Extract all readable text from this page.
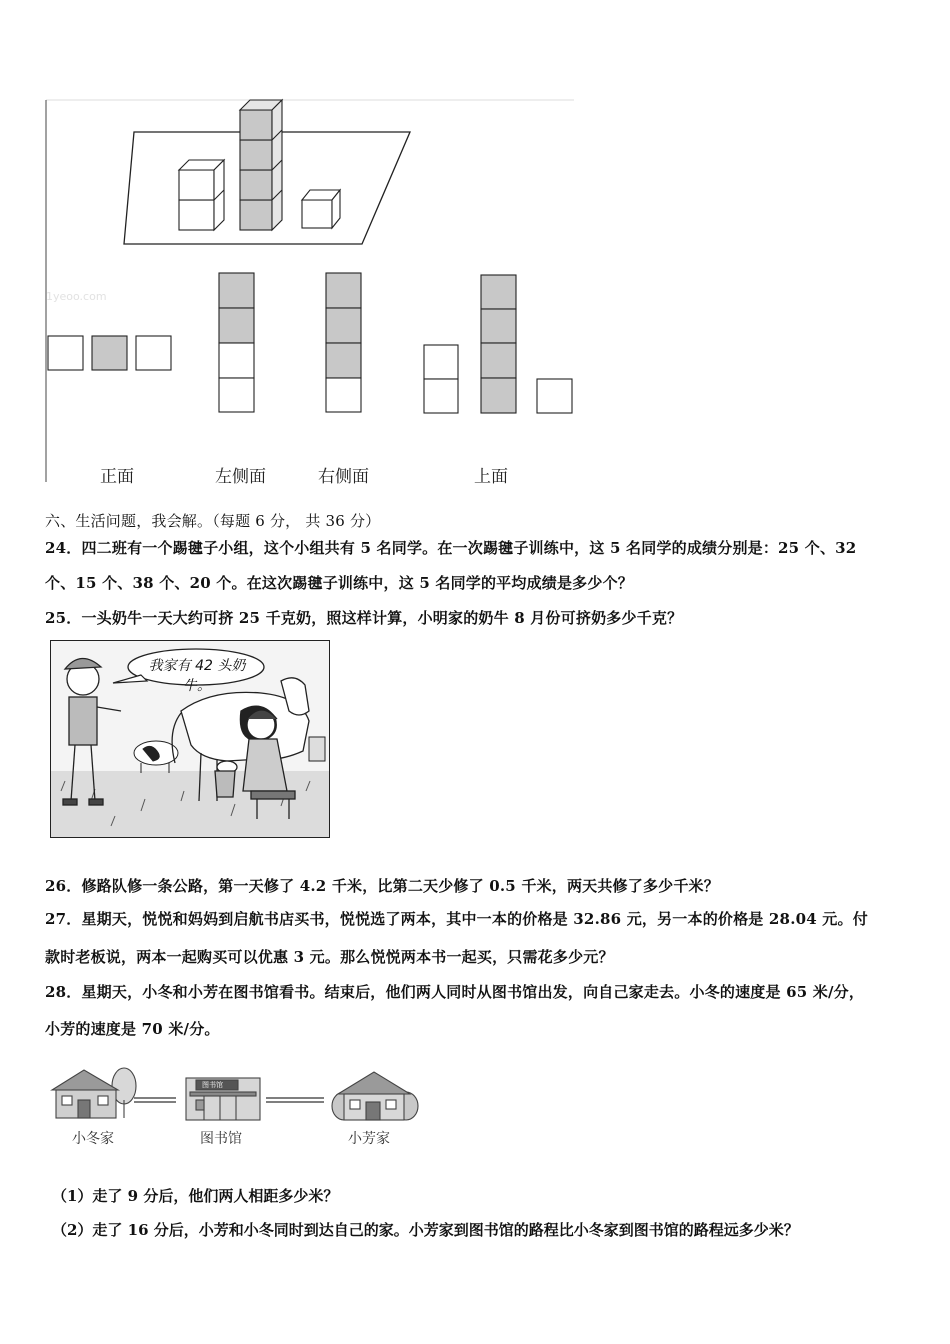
1yeoo.com
正面	左侧面	右侧面	上面
六、生活问题，我会解。（每题 6 分， 共 36 分）
24．四二班有一个踢毽子小组，这个小组共有 5 名同学。在一次踢毽子训练中，这 5 名同学的成绩分别是：25 个、32
个、15 个、38 个、20 个。在这次踢毽子训练中，这 5 名同学的平均成绩是多少个？
25．一头奶牛一天大约可挤 25 千克奶，照这样计算，小明家的奶牛 8 月份可挤奶多少千克？
我家有 42 头奶牛。
26．修路队修一条公路，第一天修了 4.2 千米，比第二天少修了 0.5 千米，两天共修了多少千米？
27．星期天，悦悦和妈妈到启航书店买书，悦悦选了两本，其中一本的价格是 32.86 元，另一本的价格是 28.04 元。付
款时老板说，两本一起购买可以优惠 3 元。那么悦悦两本书一起买，只需花多少元？
28．星期天，小冬和小芳在图书馆看书。结束后，他们两人同时从图书馆出发，向自己家走去。小冬的速度是 65 米/分，
小芳的速度是 70 米/分。
图书馆
小冬家	图书馆	小芳家
（1）走了 9 分后，他们两人相距多少米？
（2）走了 16 分后，小芳和小冬同时到达自己的家。小芳家到图书馆的路程比小冬家到图书馆的路程远多少米？
